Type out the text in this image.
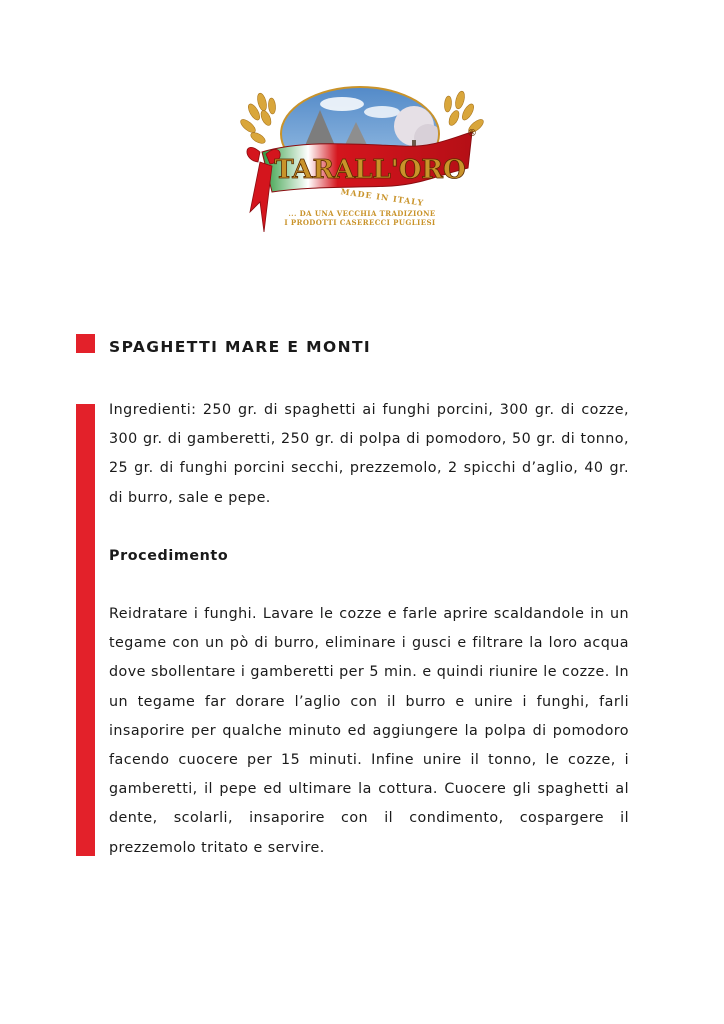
TARALL'ORO
®
MADE IN ITALY
... DA UNA VECCHIA TRADIZIONE
I PRODOTTI CASERECCI PUGLIESI
SPAGHETTI MARE E MONTI

Ingredienti: 250 gr. di spaghetti ai funghi porcini, 300 gr. di cozze, 300 gr. di gamberetti, 250 gr. di polpa di pomodoro, 50 gr. di tonno, 25 gr. di funghi porcini secchi, prezzemolo, 2 spicchi d’aglio, 40 gr. di burro, sale e pepe.

Procedimento

Reidratare i funghi. Lavare le cozze e farle aprire scaldandole in un tegame con un pò di burro, eliminare i gusci e filtrare la loro acqua dove sbollentare i gamberetti per 5 min. e quindi riunire le cozze. In un tegame far dorare l’aglio con il burro e unire i funghi, farli insaporire per qualche minuto ed aggiungere la polpa di pomodoro facendo cuocere per 15 minuti. Infine unire il tonno, le cozze, i gamberetti, il pepe ed ultimare la cottura. Cuocere gli spaghetti al dente, scolarli, insaporire con il condimento, cospargere il prezzemolo tritato e servire.
